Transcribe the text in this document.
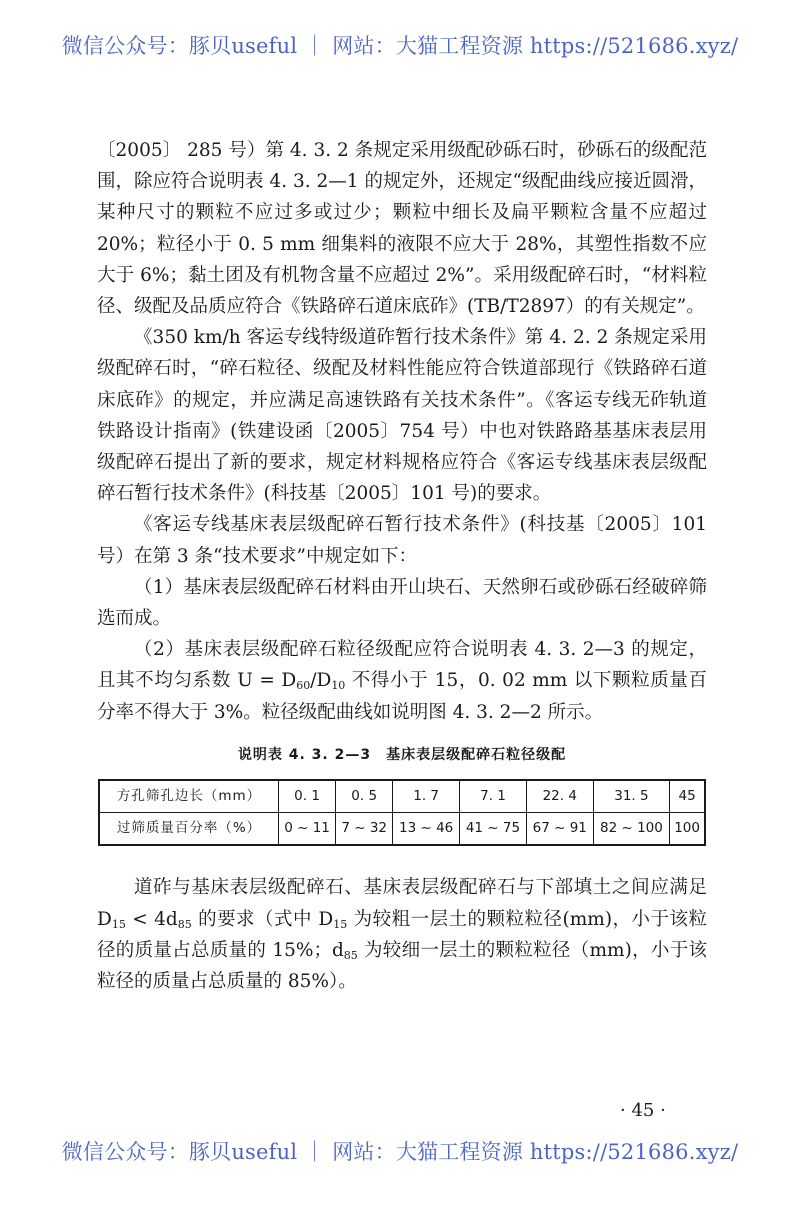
微信公众号：豚贝useful ｜ 网站：大猫工程资源 https://521686.xyz/

〔2005〕 285 号）第 4. 3. 2 条规定采用级配砂砾石时，砂砾石的级配范围，除应符合说明表 4. 3. 2—1 的规定外，还规定“级配曲线应接近圆滑，某种尺寸的颗粒不应过多或过少；颗粒中细长及扁平颗粒含量不应超过 20%；粒径小于 0. 5 mm 细集料的液限不应大于 28%，其塑性指数不应大于 6%；黏土团及有机物含量不应超过 2%”。采用级配碎石时，“材料粒径、级配及品质应符合《铁路碎石道床底砟》(TB/T2897）的有关规定”。

《350 km/h 客运专线特级道砟暂行技术条件》第 4. 2. 2 条规定采用级配碎石时，“碎石粒径、级配及材料性能应符合铁道部现行《铁路碎石道床底砟》的规定，并应满足高速铁路有关技术条件”。《客运专线无砟轨道铁路设计指南》(铁建设函〔2005〕754 号）中也对铁路路基基床表层用级配碎石提出了新的要求，规定材料规格应符合《客运专线基床表层级配碎石暂行技术条件》(科技基〔2005〕101 号)的要求。

《客运专线基床表层级配碎石暂行技术条件》(科技基〔2005〕101 号）在第 3 条“技术要求”中规定如下：

（1）基床表层级配碎石材料由开山块石、天然卵石或砂砾石经破碎筛选而成。

（2）基床表层级配碎石粒径级配应符合说明表 4. 3. 2—3 的规定，且其不均匀系数 $U = D_{60}/D_{10}$ 不得小于 15，0. 02 mm 以下颗粒质量百分率不得大于 3%。粒径级配曲线如说明图 4. 3. 2—2 所示。

说明表 4. 3. 2—3　基床表层级配碎石粒径级配
方孔筛孔边长（mm）	0. 1	0. 5	1. 7	7. 1	22. 4	31. 5	45
过筛质量百分率（%）	0 ~ 11	7 ~ 32	13 ~ 46	41 ~ 75	67 ~ 91	82 ~ 100	100

道砟与基床表层级配碎石、基床表层级配碎石与下部填土之间应满足 $D_{15} < 4d_{85}$ 的要求（式中 $D_{15}$ 为较粗一层土的颗粒粒径(mm)，小于该粒径的质量占总质量的 15%；$d_{85}$ 为较细一层土的颗粒粒径（mm)，小于该粒径的质量占总质量的 85%）。

· 45 ·
微信公众号：豚贝useful ｜ 网站：大猫工程资源 https://521686.xyz/
